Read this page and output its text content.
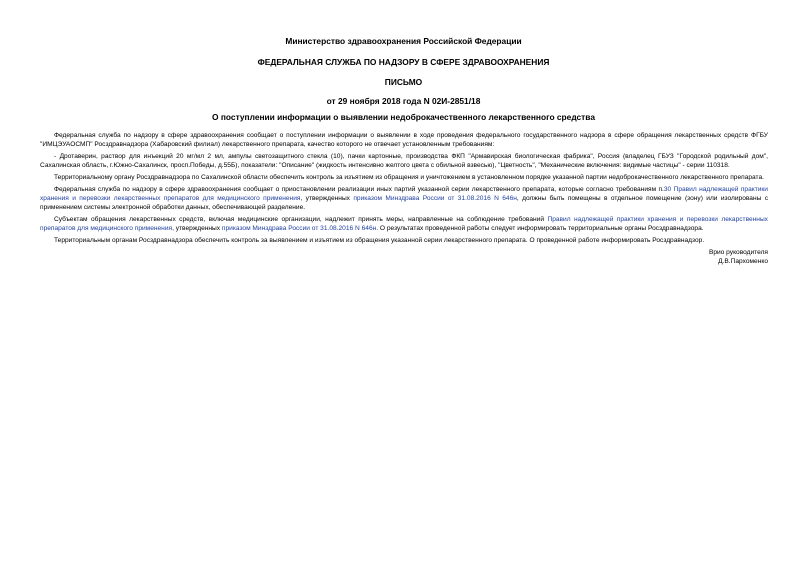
Министерство здравоохранения Российской Федерации
ФЕДЕРАЛЬНАЯ СЛУЖБА ПО НАДЗОРУ В СФЕРЕ ЗДРАВООХРАНЕНИЯ
ПИСЬМО
от 29 ноября 2018 года N 02И-2851/18
О поступлении информации о выявлении недоброкачественного лекарственного средства

Федеральная служба по надзору в сфере здравоохранения сообщает о поступлении информации о выявлении в ходе проведения федерального государственного надзора в сфере обращения лекарственных средств ФГБУ "ИМЦЭУАОСМП" Росздравнадзора (Хабаровский филиал) лекарственного препарата, качество которого не отвечает установленным требованиям:

- Дротаверин, раствор для инъекций 20 мг/мл 2 мл, ампулы светозащитного стекла (10), пачки картонные, производства ФКП "Армавирская биологическая фабрика", Россия (владелец ГБУЗ "Городской родильный дом", Сахалинская область, г.Южно-Сахалинск, просп.Победы, д.55Б), показатели: "Описание" (жидкость интенсивно желтого цвета с обильной взвесью), "Цветность", "Механические включения: видимые частицы" - серии 110318.

Территориальному органу Росздравнадзора по Сахалинской области обеспечить контроль за изъятием из обращения и уничтожением в установленном порядке указанной партии недоброкачественного лекарственного препарата.

Федеральная служба по надзору в сфере здравоохранения сообщает о приостановлении реализации иных партий указанной серии лекарственного препарата, которые согласно требованиям п.30 Правил надлежащей практики хранения и перевозки лекарственных препаратов для медицинского применения, утвержденных приказом Минздрава России от 31.08.2016 N 646н, должны быть помещены в отдельное помещение (зону) или изолированы с применением системы электронной обработки данных, обеспечивающей разделение.

Субъектам обращения лекарственных средств, включая медицинские организации, надлежит принять меры, направленные на соблюдение требований Правил надлежащей практики хранения и перевозки лекарственных препаратов для медицинского применения, утвержденных приказом Минздрава России от 31.08.2016 N 646н. О результатах проведенной работы следует информировать территориальные органы Росздравнадзора.

Территориальным органам Росздравнадзора обеспечить контроль за выявлением и изъятием из обращения указанной серии лекарственного препарата. О проведенной работе информировать Росздравнадзор.

Врио руководителя
Д.В.Пархоменко
